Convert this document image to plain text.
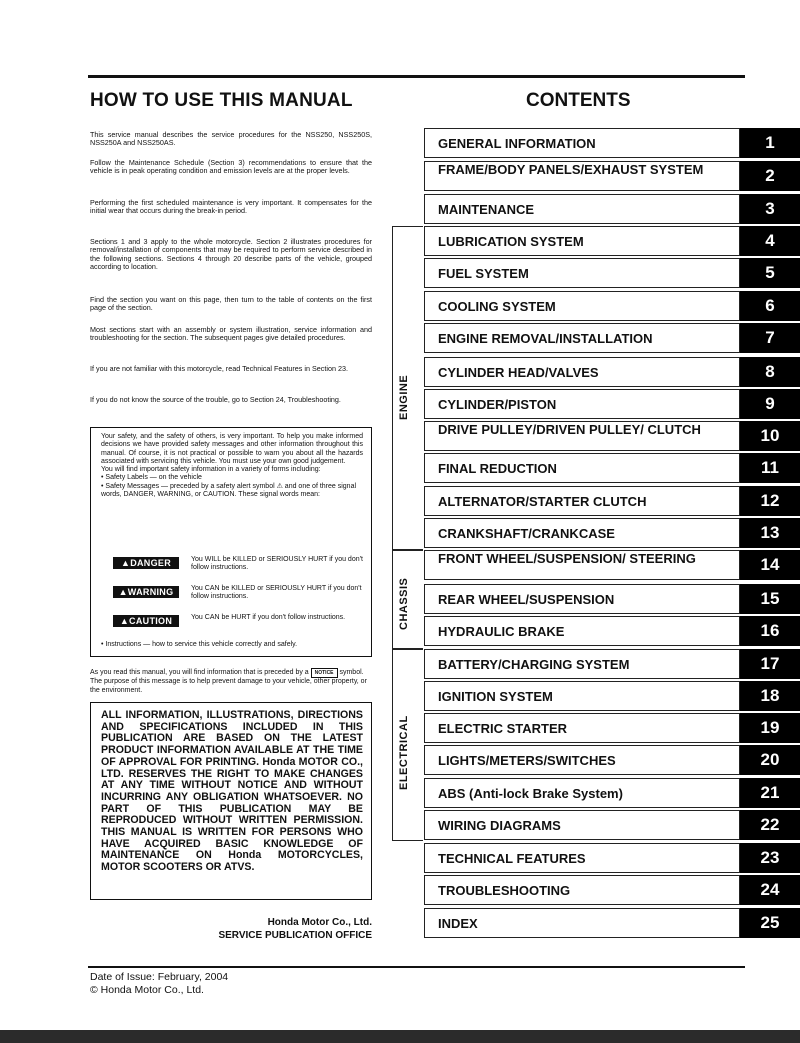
HOW TO USE THIS MANUAL
This service manual describes the service procedures for the NSS250, NSS250S, NSS250A and NSS250AS.
Follow the Maintenance Schedule (Section 3) recommendations to ensure that the vehicle is in peak operating condition and emission levels are at the proper levels.
Performing the first scheduled maintenance is very important. It compensates for the initial wear that occurs during the break-in period.
Sections 1 and 3 apply to the whole motorcycle. Section 2 illustrates procedures for removal/installation of components that may be required to perform service described in the following sections. Sections 4 through 20 describe parts of the vehicle, grouped according to location.
Find the section you want on this page, then turn to the table of contents on the first page of the section.
Most sections start with an assembly or system illustration, service information and troubleshooting for the section. The subsequent pages give detailed procedures.
If you are not familiar with this motorcycle, read Technical Features in Section 23.
If you do not know the source of the trouble, go to Section 24, Troubleshooting.
Your safety, and the safety of others, is very important. To help you make informed decisions we have provided safety messages and other information throughout this manual. Of course, it is not practical or possible to warn you about all the hazards associated with servicing this vehicle. You must use your own good judgement.
You will find important safety information in a variety of forms including:
• Safety Labels — on the vehicle
• Safety Messages — preceded by a safety alert symbol ⚠ and one of three signal words, DANGER, WARNING, or CAUTION. These signal words mean:
▲DANGER	You WILL be KILLED or SERIOUSLY HURT if you don't follow instructions.
▲WARNING	You CAN be KILLED or SERIOUSLY HURT if you don't follow instructions.
▲CAUTION	You CAN be HURT if you don't follow instructions.
• Instructions — how to service this vehicle correctly and safely.
As you read this manual, you will find information that is preceded by a NOTICE symbol. The purpose of this message is to help prevent damage to your vehicle, other property, or the environment.
ALL INFORMATION, ILLUSTRATIONS, DIRECTIONS AND SPECIFICATIONS INCLUDED IN THIS PUBLICATION ARE BASED ON THE LATEST PRODUCT INFORMATION AVAILABLE AT THE TIME OF APPROVAL FOR PRINTING. Honda MOTOR CO., LTD. RESERVES THE RIGHT TO MAKE CHANGES AT ANY TIME WITHOUT NOTICE AND WITHOUT INCURRING ANY OBLIGATION WHATSOEVER. NO PART OF THIS PUBLICATION MAY BE REPRODUCED WITHOUT WRITTEN PERMISSION. THIS MANUAL IS WRITTEN FOR PERSONS WHO HAVE ACQUIRED BASIC KNOWLEDGE OF MAINTENANCE ON Honda MOTORCYCLES, MOTOR SCOOTERS OR ATVS.
Honda Motor Co., Ltd.
SERVICE PUBLICATION OFFICE
Date of Issue: February, 2004
© Honda Motor Co., Ltd.
CONTENTS
ENGINE
CHASSIS
ELECTRICAL
GENERAL INFORMATION	1
FRAME/BODY PANELS/EXHAUST SYSTEM	2
MAINTENANCE	3
LUBRICATION SYSTEM	4
FUEL SYSTEM	5
COOLING SYSTEM	6
ENGINE REMOVAL/INSTALLATION	7
CYLINDER HEAD/VALVES	8
CYLINDER/PISTON	9
DRIVE PULLEY/DRIVEN PULLEY/ CLUTCH	10
FINAL REDUCTION	11
ALTERNATOR/STARTER CLUTCH	12
CRANKSHAFT/CRANKCASE	13
FRONT WHEEL/SUSPENSION/ STEERING	14
REAR WHEEL/SUSPENSION	15
HYDRAULIC BRAKE	16
BATTERY/CHARGING SYSTEM	17
IGNITION SYSTEM	18
ELECTRIC STARTER	19
LIGHTS/METERS/SWITCHES	20
ABS (Anti-lock Brake System)	21
WIRING DIAGRAMS	22
TECHNICAL FEATURES	23
TROUBLESHOOTING	24
INDEX	25
